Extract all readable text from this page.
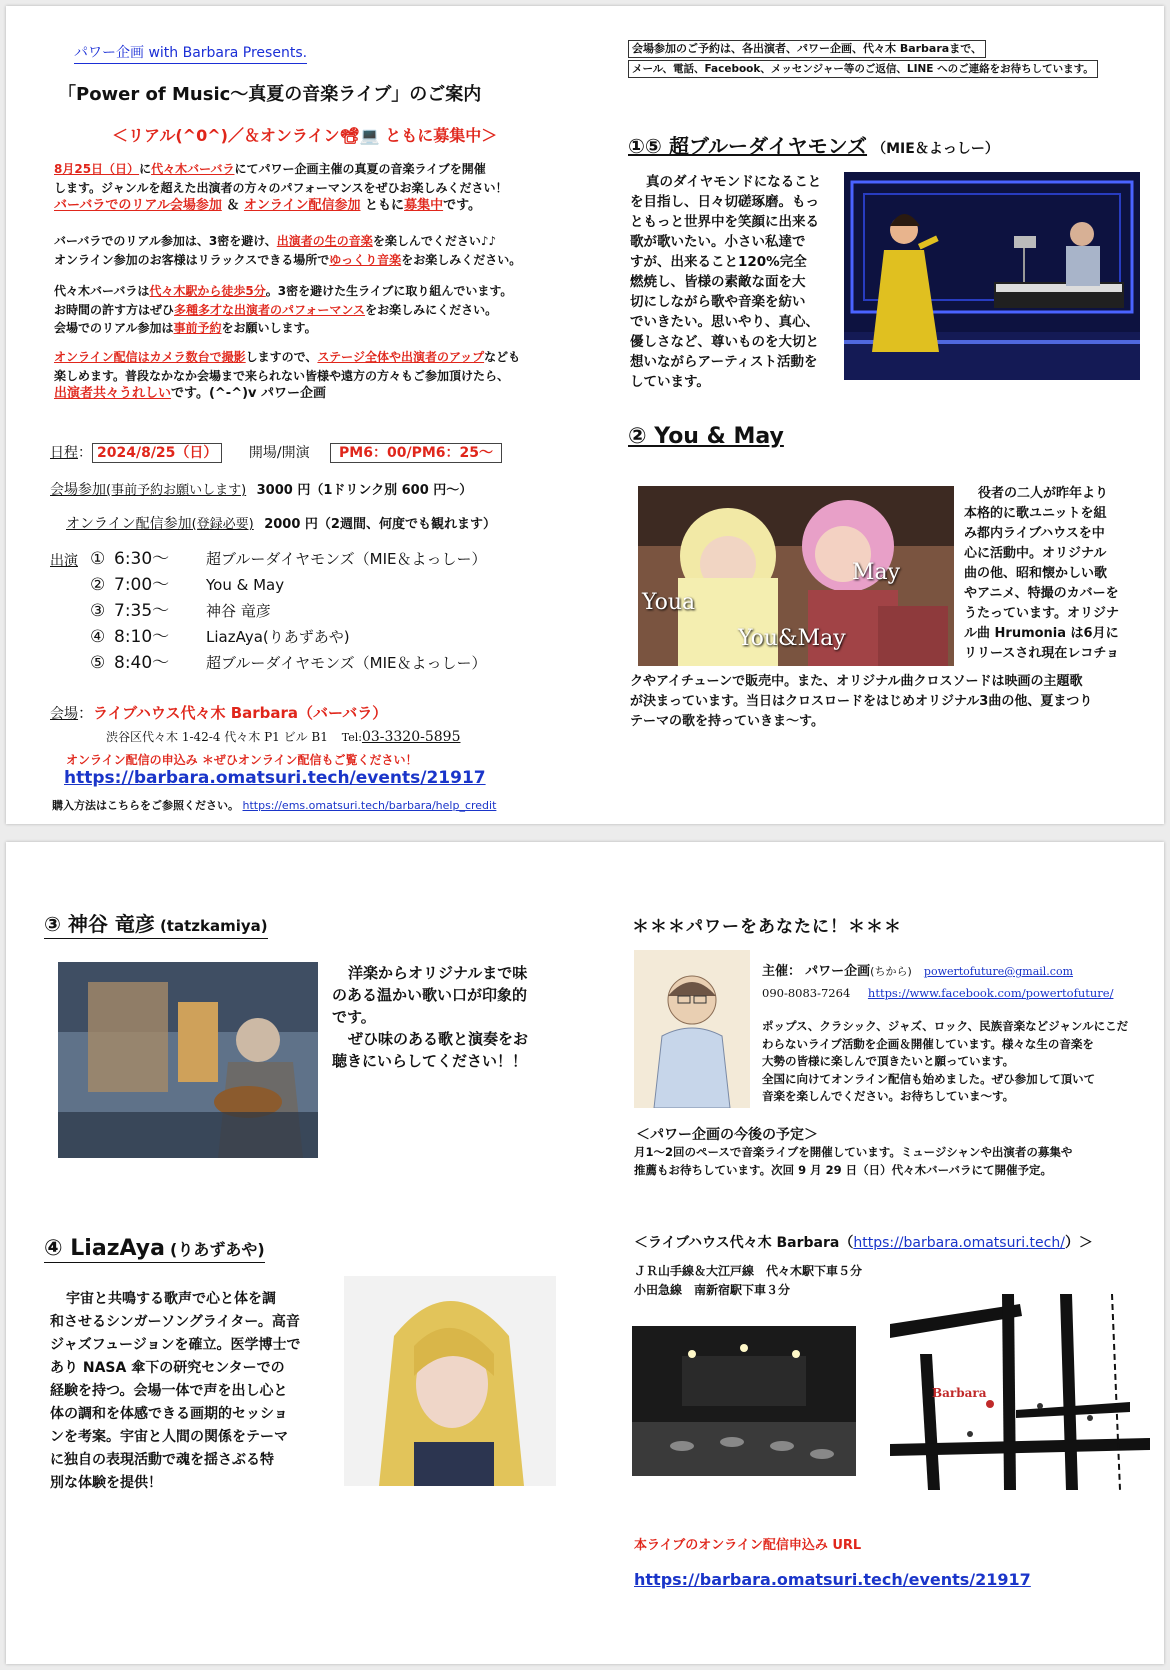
パワー企画 with Barbara Presents.
「Power of Music～真夏の音楽ライブ」のご案内
＜リアル(^0^)／＆オンライン📽💻 ともに募集中＞
8月25日（日）に代々木バーバラにてパワー企画主催の真夏の音楽ライブを開催
します。ジャンルを超えた出演者の方々のパフォーマンスをぜひお楽しみください！
バーバラでのリアル会場参加 ＆ オンライン配信参加 ともに募集中です。
バーバラでのリアル参加は、3密を避け、出演者の生の音楽を楽しんでください♪♪
オンライン参加のお客様はリラックスできる場所でゆっくり音楽をお楽しみください。
代々木バーバラは代々木駅から徒歩5分。3密を避けた生ライブに取り組んでいます。
お時間の許す方はぜひ多種多才な出演者のパフォーマンスをお楽しみにください。
会場でのリアル参加は事前予約をお願いします。
オンライン配信はカメラ数台で撮影しますので、ステージ全体や出演者のアップなども
楽しめます。普段なかなか会場まで来られない皆様や遠方の方々もご参加頂けたら、
出演者共々うれしいです。(^-^)v パワー企画
日程： 2024/8/25（日） 開場/開演 PM6：00/PM6：25～
会場参加(事前予約お願いします) 3000 円（1ドリンク別 600 円～）
オンライン配信参加(登録必要) 2000 円（2週間、何度でも観れます）
出演 ① 6:30～ 超ブルーダイヤモンズ（MIE＆よっしー）
② 7:00～ You & May
③ 7:35～ 神谷 竜彦
④ 8:10～ LiazAya(りあずあや)
⑤ 8:40～ 超ブルーダイヤモンズ（MIE＆よっしー）
会場：ライブハウス代々木 Barbara（バーバラ）
渋谷区代々木 1-42-4 代々木 P1 ビル B1 Tel:03-3320-5895
オンライン配信の申込み ＊ぜひオンライン配信もご覧ください！
https://barbara.omatsuri.tech/events/21917
購入方法はこちらをご参照ください。 https://ems.omatsuri.tech/barbara/help_credit
会場参加のご予約は、各出演者、パワー企画、代々木 Barbaraまで、
メール、電話、Facebook、メッセンジャー等のご返信、LINE へのご連絡をお待ちしています。
①⑤ 超ブルーダイヤモンズ （MIE＆よっしー）
真のダイヤモンドになること
を目指し、日々切磋琢磨。もっ
ともっと世界中を笑顔に出来る
歌が歌いたい。小さい私達で
すが、出来ること120%完全
燃焼し、皆様の素敵な面を大
切にしながら歌や音楽を紡い
でいきたい。思いやり、真心、
優しさなど、尊いものを大切と
想いながらアーティスト活動を
しています。
② You & May
Youa
May
You&May
役者の二人が昨年より
本格的に歌ユニットを組
み都内ライブハウスを中
心に活動中。オリジナル
曲の他、昭和懐かしい歌
やアニメ、特撮のカバーを
うたっています。オリジナ
ル曲 Hrumonia は6月に
リリースされ現在レコチョ
クやアイチューンで販売中。また、オリジナル曲クロスソードは映画の主題歌
が決まっています。当日はクロスロードをはじめオリジナル3曲の他、夏まつり
テーマの歌を持っていきま～す。
③ 神谷 竜彦 (tatzkamiya)
洋楽からオリジナルまで味
のある温かい歌い口が印象的
です。
ぜひ味のある歌と演奏をお
聴きにいらしてください！！
④ LiazAya (りあずあや)
宇宙と共鳴する歌声で心と体を調
和させるシンガーソングライター。高音
ジャズフュージョンを確立。医学博士で
あり NASA 傘下の研究センターでの
経験を持つ。会場一体で声を出し心と
体の調和を体感できる画期的セッショ
ンを考案。宇宙と人間の関係をテーマ
に独自の表現活動で魂を揺さぶる特
別な体験を提供！
＊＊＊パワーをあなたに！＊＊＊
主催： パワー企画(ちから) powertofuture@gmail.com
090-8083-7264 https://www.facebook.com/powertofuture/
ポップス、クラシック、ジャズ、ロック、民族音楽などジャンルにこだ
わらないライブ活動を企画＆開催しています。様々な生の音楽を
大勢の皆様に楽しんで頂きたいと願っています。
全国に向けてオンライン配信も始めました。ぜひ参加して頂いて
音楽を楽しんでください。お待ちしていま～す。
＜パワー企画の今後の予定＞
月1～2回のペースで音楽ライブを開催しています。ミュージシャンや出演者の募集や
推薦もお待ちしています。次回 9 月 29 日（日）代々木バーバラにて開催予定。
＜ライブハウス代々木 Barbara（https://barbara.omatsuri.tech/）＞
ＪＲ山手線＆大江戸線　代々木駅下車５分
小田急線　南新宿駅下車３分
Barbara
本ライブのオンライン配信申込み URL
https://barbara.omatsuri.tech/events/21917
